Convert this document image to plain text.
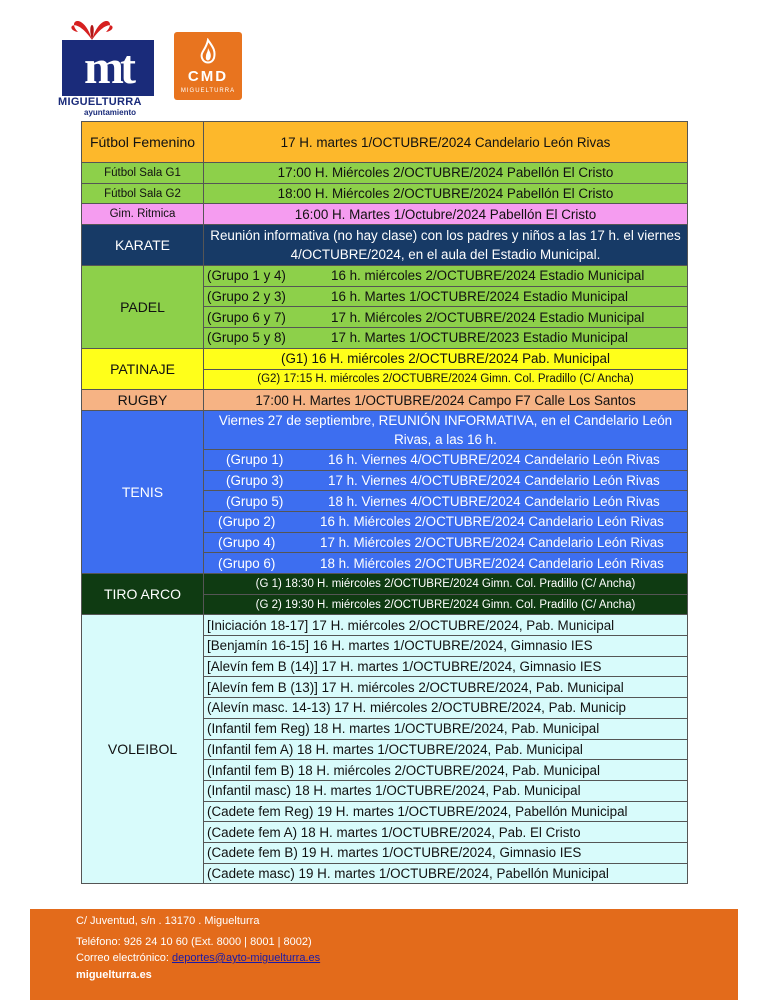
mt
MIGUELTURRA
ayuntamiento
CMD
MIGUELTURRA
Fútbol Femenino	17 H. martes 1/OCTUBRE/2024 Candelario León Rivas
Fútbol Sala G1	17:00 H. Miércoles 2/OCTUBRE/2024 Pabellón El Cristo
Fútbol Sala G2	18:00 H. Miércoles 2/OCTUBRE/2024 Pabellón El Cristo
Gim. Ritmica	16:00 H. Martes 1/Octubre/2024 Pabellón El Cristo
KARATE	Reunión informativa (no hay clase) con los padres y niños a las 17 h. el viernes 4/OCTUBRE/2024, en el aula del Estadio Municipal.
PADEL	(Grupo 1 y 4) 16 h. miércoles 2/OCTUBRE/2024 Estadio Municipal
	(Grupo 2 y 3) 16 h. Martes 1/OCTUBRE/2024 Estadio Municipal
	(Grupo 6 y 7) 17 h. Miércoles 2/OCTUBRE/2024 Estadio Municipal
	(Grupo 5 y 8) 17 h. Martes 1/OCTUBRE/2023 Estadio Municipal
PATINAJE	(G1) 16 H. miércoles 2/OCTUBRE/2024 Pab. Municipal
	(G2) 17:15 H. miércoles 2/OCTUBRE/2024 Gimn. Col. Pradillo (C/ Ancha)
RUGBY	17:00 H. Martes 1/OCTUBRE/2024 Campo F7 Calle Los Santos
TENIS	Viernes 27 de septiembre, REUNIÓN INFORMATIVA, en el Candelario León Rivas, a las 16 h.
	(Grupo 1) 16 h. Viernes 4/OCTUBRE/2024 Candelario León Rivas
	(Grupo 3) 17 h. Viernes 4/OCTUBRE/2024 Candelario León Rivas
	(Grupo 5) 18 h. Viernes 4/OCTUBRE/2024 Candelario León Rivas
	(Grupo 2) 16 h. Miércoles 2/OCTUBRE/2024 Candelario León Rivas
	(Grupo 4) 17 h. Miércoles 2/OCTUBRE/2024 Candelario León Rivas
	(Grupo 6) 18 h. Miércoles 2/OCTUBRE/2024 Candelario León Rivas
TIRO ARCO	(G 1) 18:30 H. miércoles 2/OCTUBRE/2024 Gimn. Col. Pradillo (C/ Ancha)
	(G 2) 19:30 H. miércoles 2/OCTUBRE/2024 Gimn. Col. Pradillo (C/ Ancha)
VOLEIBOL	[Iniciación 18-17] 17 H. miércoles 2/OCTUBRE/2024, Pab. Municipal
	[Benjamín 16-15] 16 H. martes 1/OCTUBRE/2024, Gimnasio IES
	[Alevín fem B (14)] 17 H. martes 1/OCTUBRE/2024, Gimnasio IES
	[Alevín fem B (13)] 17 H. miércoles 2/OCTUBRE/2024, Pab. Municipal
	(Alevín masc. 14-13) 17 H. miércoles 2/OCTUBRE/2024, Pab. Municip
	(Infantil fem Reg) 18 H. martes 1/OCTUBRE/2024, Pab. Municipal
	(Infantil fem A) 18 H. martes 1/OCTUBRE/2024, Pab. Municipal
	(Infantil fem B) 18 H. miércoles 2/OCTUBRE/2024, Pab. Municipal
	(Infantil masc) 18 H. martes 1/OCTUBRE/2024, Pab. Municipal
	(Cadete fem Reg) 19 H. martes 1/OCTUBRE/2024, Pabellón Municipal
	(Cadete fem A) 18 H. martes 1/OCTUBRE/2024, Pab. El Cristo
	(Cadete fem B) 19 H. martes 1/OCTUBRE/2024, Gimnasio IES
	(Cadete masc) 19 H. martes 1/OCTUBRE/2024, Pabellón Municipal
C/ Juventud, s/n . 13170 . Miguelturra
Teléfono: 926 24 10 60 (Ext. 8000 | 8001 | 8002)
Correo electrónico: deportes@ayto-miguelturra.es
miguelturra.es
